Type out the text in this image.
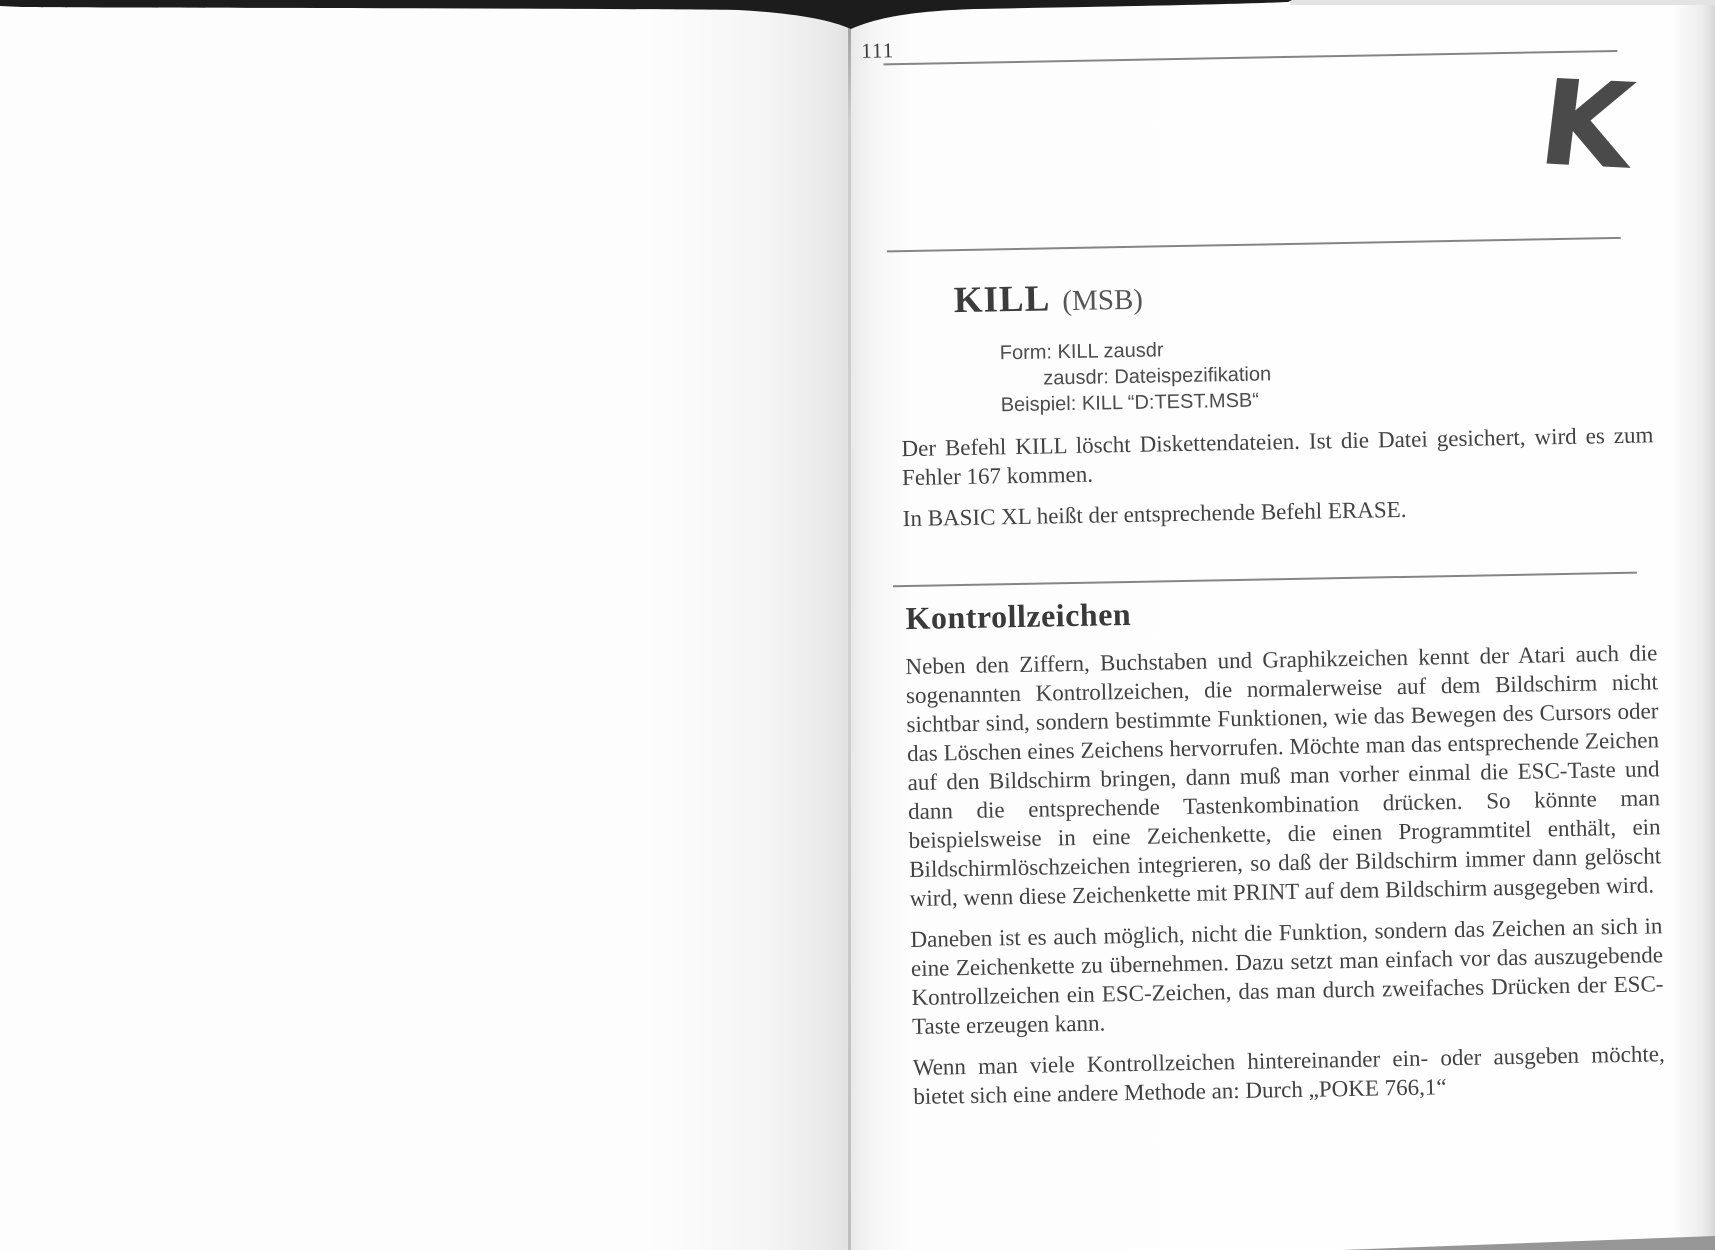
111
K
KILL (MSB)
Form: KILL zausdr
zausdr: Dateispezifikation
Beispiel: KILL “D:TEST.MSB“

Der Befehl KILL löscht Diskettendateien. Ist die Datei gesichert, wird es zum Fehler 167 kommen.

In BASIC XL heißt der entsprechende Befehl ERASE.

Kontrollzeichen

Neben den Ziffern, Buchstaben und Graphikzeichen kennt der Atari auch die sogenannten Kontrollzeichen, die normalerweise auf dem Bildschirm nicht sichtbar sind, sondern bestimmte Funktionen, wie das Bewegen des Cursors oder das Löschen eines Zeichens hervorrufen. Möchte man das entsprechende Zeichen auf den Bildschirm bringen, dann muß man vorher einmal die ESC-Taste und dann die entsprechende Tastenkombination drücken. So könnte man beispielsweise in eine Zeichenkette, die einen Programmtitel enthält, ein Bildschirmlöschzeichen integrieren, so daß der Bildschirm immer dann gelöscht wird, wenn diese Zeichenkette mit PRINT auf dem Bildschirm ausgegeben wird.

Daneben ist es auch möglich, nicht die Funktion, sondern das Zeichen an sich in eine Zeichenkette zu übernehmen. Dazu setzt man einfach vor das auszugebende Kontrollzeichen ein ESC-Zeichen, das man durch zweifaches Drücken der ESC-Taste erzeugen kann.

Wenn man viele Kontrollzeichen hintereinander ein- oder ausgeben möchte, bietet sich eine andere Methode an: Durch „POKE 766,1“
